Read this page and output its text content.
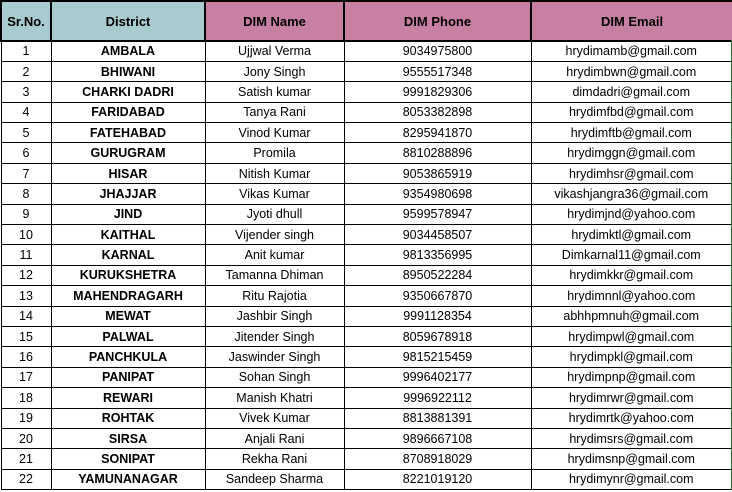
Sr.No.	District	DIM Name	DIM Phone	DIM Email
1	AMBALA	Ujjwal Verma	9034975800	hrydimamb@gmail.com
2	BHIWANI	Jony Singh	9555517348	hrydimbwn@gmail.com
3	CHARKI DADRI	Satish kumar	9991829306	dimdadri@gmail.com
4	FARIDABAD	Tanya Rani	8053382898	hrydimfbd@gmail.com
5	FATEHABAD	Vinod Kumar	8295941870	hrydimftb@gmail.com
6	GURUGRAM	Promila	8810288896	hrydimggn@gmail.com
7	HISAR	Nitish Kumar	9053865919	hrydimhsr@gmail.com
8	JHAJJAR	Vikas Kumar	9354980698	vikashjangra36@gmail.com
9	JIND	Jyoti dhull	9599578947	hrydimjnd@yahoo.com
10	KAITHAL	Vijender singh	9034458507	hrydimktl@gmail.com
11	KARNAL	Anit kumar	9813356995	Dimkarnal11@gmail.com
12	KURUKSHETRA	Tamanna Dhiman	8950522284	hrydimkkr@gmail.com
13	MAHENDRAGARH	Ritu Rajotia	9350667870	hrydimnnl@yahoo.com
14	MEWAT	Jashbir Singh	9991128354	abhhpmnuh@gmail.com
15	PALWAL	Jitender Singh	8059678918	hrydimpwl@gmail.com
16	PANCHKULA	Jaswinder Singh	9815215459	hrydimpkl@gmail.com
17	PANIPAT	Sohan Singh	9996402177	hrydimpnp@gmail.com
18	REWARI	Manish Khatri	9996922112	hrydimrwr@gmail.com
19	ROHTAK	Vivek Kumar	8813881391	hrydimrtk@yahoo.com
20	SIRSA	Anjali Rani	9896667108	hrydimsrs@gmail.com
21	SONIPAT	Rekha Rani	8708918029	hrydimsnp@gmail.com
22	YAMUNANAGAR	Sandeep Sharma	8221019120	hrydimynr@gmail.com
